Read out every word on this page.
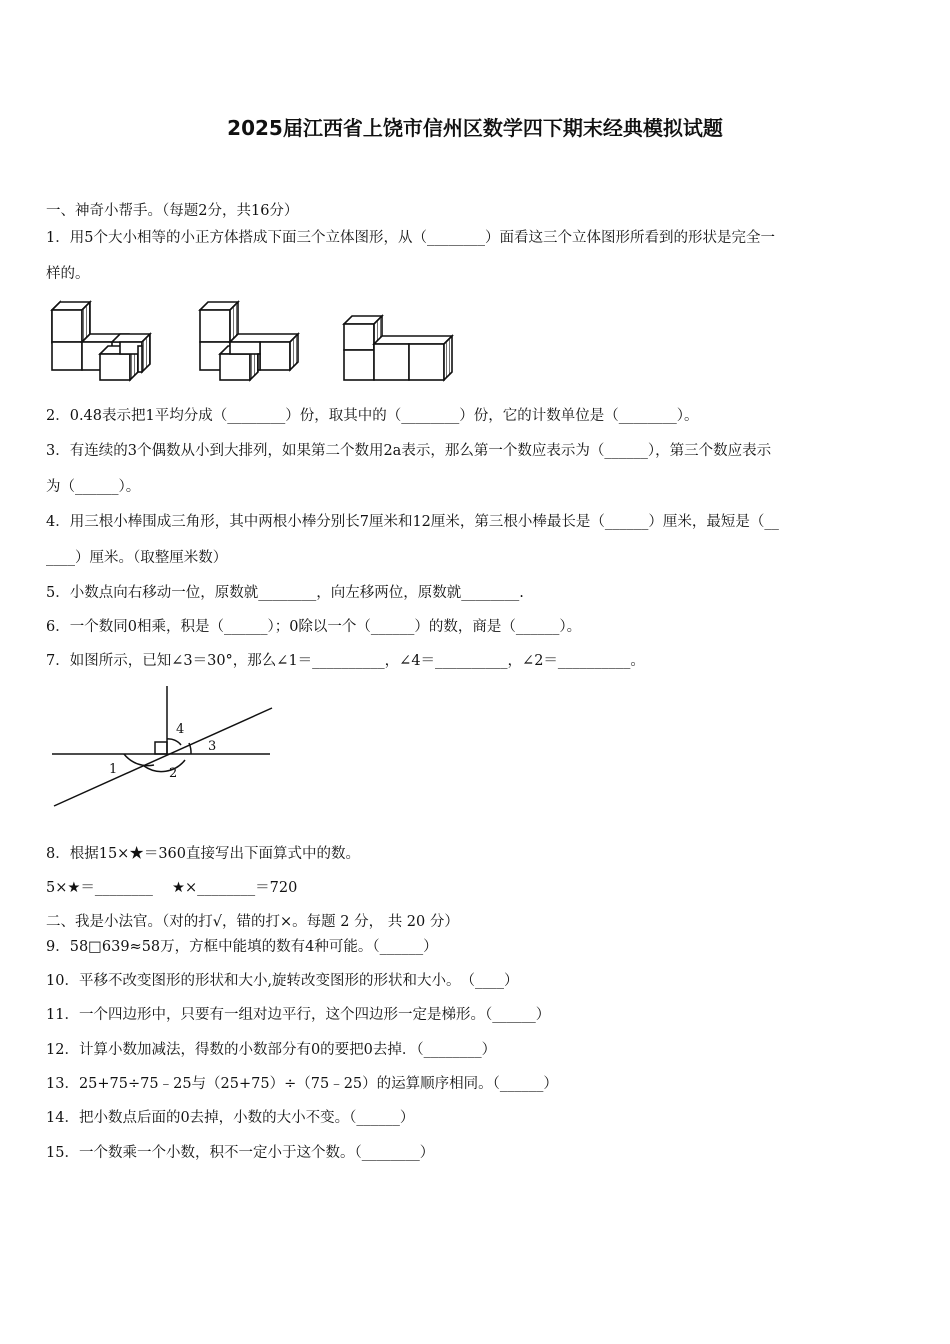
2025届江西省上饶市信州区数学四下期末经典模拟试题
一、神奇小帮手。（每题2分，共16分）
1．用5个大小相等的小正方体搭成下面三个立体图形，从（________）面看这三个立体图形所看到的形状是完全一
样的。
2．0.48表示把1平均分成（________）份，取其中的（________）份，它的计数单位是（________）。
3．有连续的3个偶数从小到大排列，如果第二个数用2a表示，那么第一个数应表示为（______），第三个数应表示
为（______）。
4．用三根小棒围成三角形，其中两根小棒分别长7厘米和12厘米，第三根小棒最长是（______）厘米，最短是（__
____）厘米。（取整厘米数）
5．小数点向右移动一位，原数就________，向左移两位，原数就________.
6．一个数同0相乘，积是（______）；0除以一个（______）的数，商是（______）。
7．如图所示，已知∠3＝30°，那么∠1＝__________，∠4＝__________，∠2＝__________。
1	2
3
4
8．根据15×★＝360直接写出下面算式中的数。
5×★＝________　 ★×________＝720
二、我是小法官。（对的打√，错的打×。每题 2 分， 共 20 分）
9．58□639≈58万，方框中能填的数有4种可能。（______）
10．平移不改变图形的形状和大小,旋转改变图形的形状和大小。　（____）
11．一个四边形中，只要有一组对边平行，这个四边形一定是梯形。（______）
12．计算小数加减法，得数的小数部分有0的要把0去掉．（________）
13．25+75÷75﹣25与（25+75）÷（75﹣25）的运算顺序相同。（______）
14．把小数点后面的0去掉，小数的大小不变。（______）
15．一个数乘一个小数，积不一定小于这个数。（________）
